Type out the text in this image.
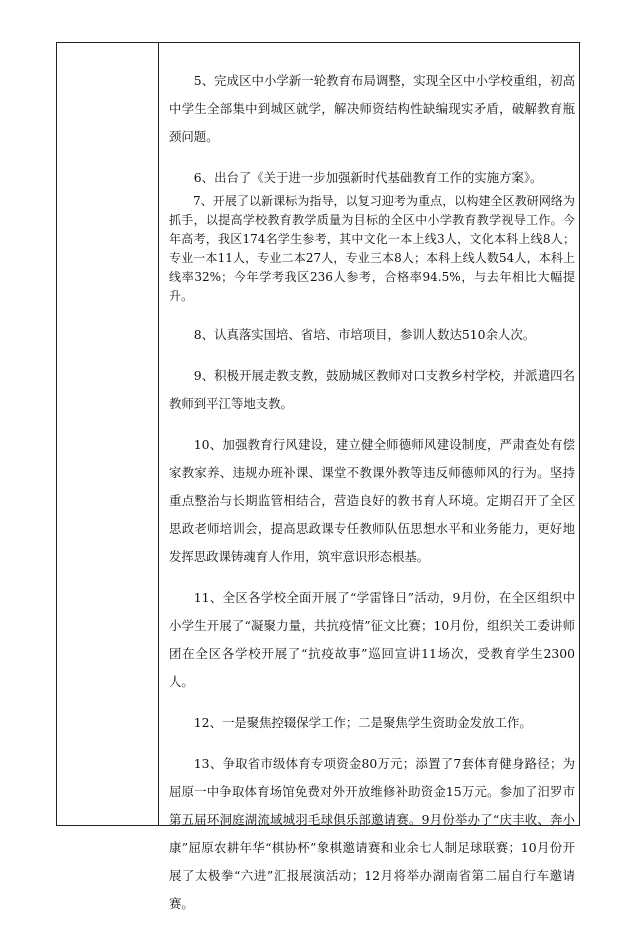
5、完成区中小学新一轮教育布局调整，实现全区中小学校重组，初高中学生全部集中到城区就学，解决师资结构性缺编现实矛盾，破解教育瓶颈问题。

6、出台了《关于进一步加强新时代基础教育工作的实施方案》。

7、开展了以新课标为指导，以复习迎考为重点，以构建全区教研网络为抓手，以提高学校教育教学质量为目标的全区中小学教育教学视导工作。今年高考，我区174名学生参考，其中文化一本上线3人，文化本科上线8人；专业一本11人，专业二本27人，专业三本8人；本科上线人数54人，本科上线率32%；今年学考我区236人参考，合格率94.5%，与去年相比大幅提升。

8、认真落实国培、省培、市培项目，参训人数达510余人次。

9、积极开展走教支教，鼓励城区教师对口支教乡村学校，并派遣四名教师到平江等地支教。

10、加强教育行风建设，建立健全师德师风建设制度，严肃查处有偿家教家养、违规办班补课、课堂不教课外教等违反师德师风的行为。坚持重点整治与长期监管相结合，营造良好的教书育人环境。定期召开了全区思政老师培训会，提高思政课专任教师队伍思想水平和业务能力，更好地发挥思政课铸魂育人作用，筑牢意识形态根基。

11、全区各学校全面开展了“学雷锋日”活动，9月份，在全区组织中小学生开展了“凝聚力量，共抗疫情”征文比赛；10月份，组织关工委讲师团在全区各学校开展了“抗疫故事”巡回宣讲11场次，受教育学生2300人。

12、一是聚焦控辍保学工作；二是聚焦学生资助金发放工作。

13、争取省市级体育专项资金80万元；添置了7套体育健身路径；为屈原一中争取体育场馆免费对外开放维修补助资金15万元。参加了汨罗市第五届环洞庭湖流域城羽毛球俱乐部邀请赛。9月份举办了“庆丰收、奔小康”屈原农耕年华“棋协杯”象棋邀请赛和业余七人制足球联赛；10月份开展了太极拳“六进”汇报展演活动；12月将举办湖南省第二届自行车邀请赛。
